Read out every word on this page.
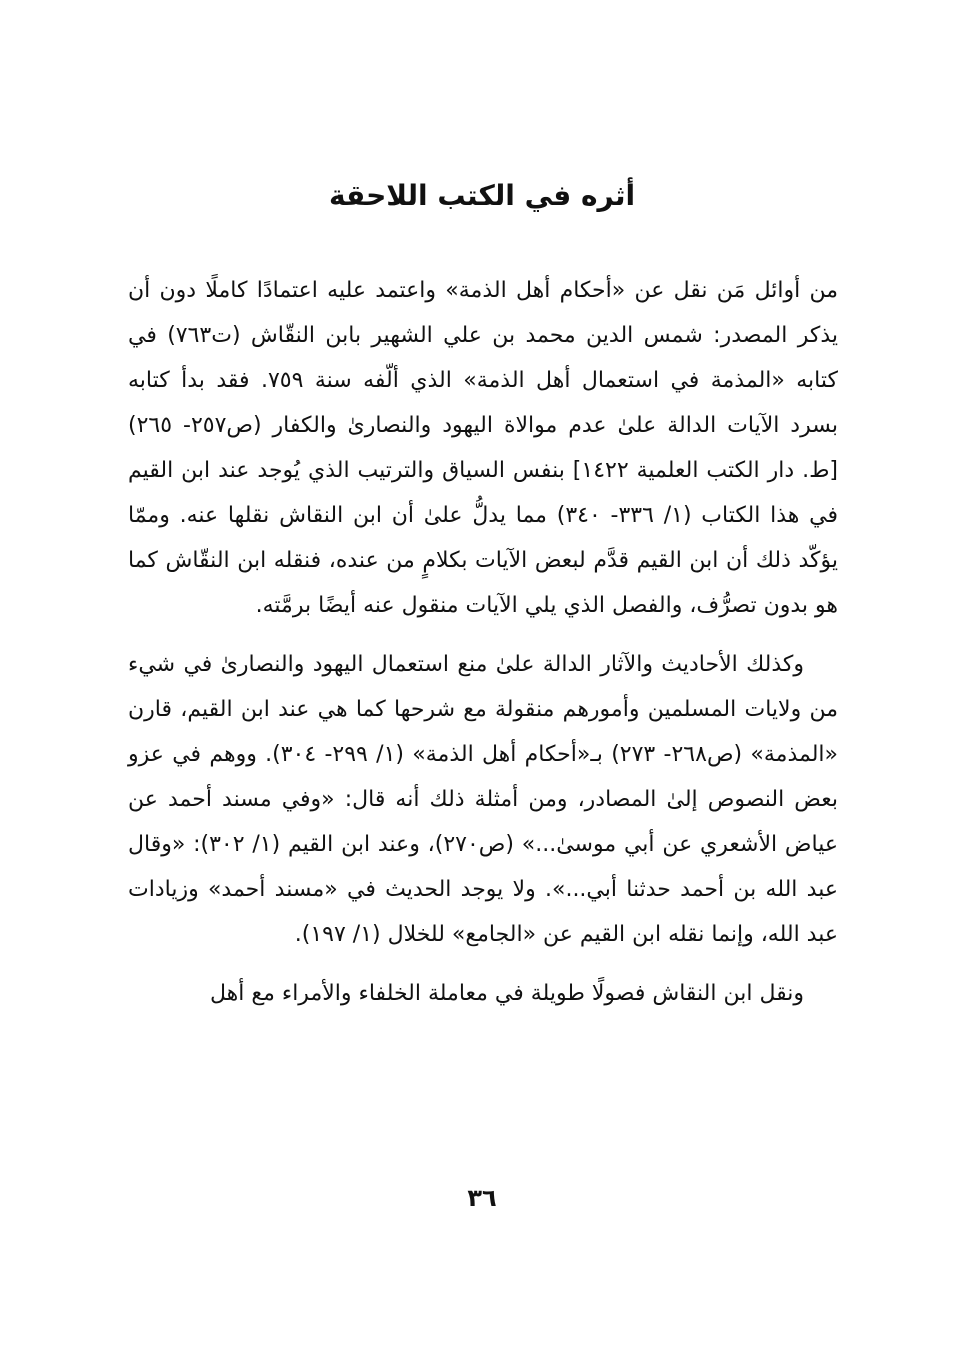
أثره في الكتب اللاحقة

من أوائل مَن نقل عن «أحكام أهل الذمة» واعتمد عليه اعتمادًا كاملًا دون أن يذكر المصدر: شمس الدين محمد بن علي الشهير بابن النقّاش (ت٧٦٣) في كتابه «المذمة في استعمال أهل الذمة» الذي ألّفه سنة ٧٥٩. فقد بدأ كتابه بسرد الآيات الدالة علىٰ عدم موالاة اليهود والنصارىٰ والكفار (ص٢٥٧- ٢٦٥) [ط. دار الكتب العلمية ١٤٢٢] بنفس السياق والترتيب الذي يُوجد عند ابن القيم في هذا الكتاب (١/ ٣٣٦- ٣٤٠) مما يدلُّ علىٰ أن ابن النقاش نقلها عنه. وممّا يؤكّد ذلك أن ابن القيم قدَّم لبعض الآيات بكلامٍ من عنده، فنقله ابن النقّاش كما هو بدون تصرُّف، والفصل الذي يلي الآيات منقول عنه أيضًا برمَّته.

وكذلك الأحاديث والآثار الدالة علىٰ منع استعمال اليهود والنصارىٰ في شيء من ولايات المسلمين وأمورهم منقولة مع شرحها كما هي عند ابن القيم، قارن «المذمة» (ص٢٦٨- ٢٧٣) بـ«أحكام أهل الذمة» (١/ ٢٩٩- ٣٠٤). ووهم في عزو بعض النصوص إلىٰ المصادر، ومن أمثلة ذلك أنه قال: «وفي مسند أحمد عن عياض الأشعري عن أبي موسىٰ...» (ص٢٧٠)، وعند ابن القيم (١/ ٣٠٢): «وقال عبد الله بن أحمد حدثنا أبي...». ولا يوجد الحديث في «مسند أحمد» وزيادات عبد الله، وإنما نقله ابن القيم عن «الجامع» للخلال (١/ ١٩٧).

ونقل ابن النقاش فصولًا طويلة في معاملة الخلفاء والأمراء مع أهل

٣٦
